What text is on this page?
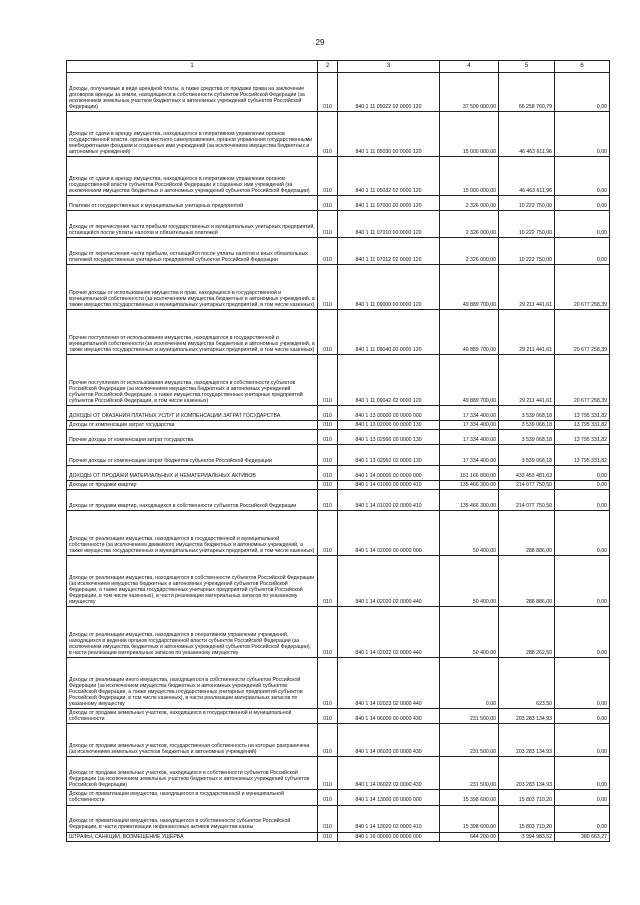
29
1	2	3	4	5	6
Доходы, получаемые в виде арендной платы, а также средства от продажи права на заключение договоров аренды за земли, находящиеся в собственности субъектов Российской Федерации (за исключением земельных участков бюджетных и автономных учреждений субъектов Российской Федерации)	010	840 1 11 05022 02 0000 120	37 500 000,00	66 258 760,79	0,00
Доходы от сдачи в аренду имущества, находящегося в оперативном управлении органов государственной власти, органов местного самоуправления, органов управления государственными внебюджетными фондами и созданных ими учреждений (за исключением имущества бюджетных и автономных учреждений)	010	840 1 11 05030 00 0000 120	15 000 000,00	46 463 611,96	0,00
Доходы от сдачи в аренду имущества, находящегося в оперативном управлении органов государственной власти субъектов Российской Федерации и созданных ими учреждений (за исключением имущества бюджетных и автономных учреждений субъектов Российской Федерации)	010	840 1 11 05032 02 0000 120	15 000 000,00	46 463 611,96	0,00
Платежи от государственных и муниципальных унитарных предприятий	010	840 1 11 07000 00 0000 120	2 326 000,00	10 222 750,00	0,00
Доходы от перечисления части прибыли государственных и муниципальных унитарных предприятий, остающейся после уплаты налогов и обязательных платежей	010	840 1 11 07010 00 0000 120	2 326 000,00	10 222 750,00	0,00
Доходы от перечисления части прибыли, остающейся после уплаты налогов и иных обязательных платежей государственных унитарных предприятий субъектов Российской Федерации	010	840 1 11 07012 02 0000 120	2 326 000,00	10 222 750,00	0,00
Прочие доходы от использования имущества и прав, находящихся в государственной и муниципальной собственности (за исключением имущества бюджетных и автономных учреждений, а также имущества государственных и муниципальных унитарных предприятий, в том числе казенных)	010	840 1 11 09000 00 0000 120	49 889 700,00	29 211 441,61	20 677 258,39
Прочие поступления от использования имущества, находящегося в государственной и муниципальной собственности (за исключением имущества бюджетных и автономных учреждений, а также имущества государственных и муниципальных унитарных предприятий, в том числе казенных)	010	840 1 11 09040 00 0000 120	49 889 700,00	29 211 441,61	20 677 258,39
Прочие поступления от использования имущества, находящегося в собственности субъектов Российской Федерации (за исключением имущества бюджетных и автономных учреждений субъектов Российской Федерации, а также имущества государственных унитарных предприятий субъектов Российской Федерации, в том числе казенных)	010	840 1 11 09042 02 0000 120	49 889 700,00	29 211 441,61	20 677 258,39
ДОХОДЫ ОТ ОКАЗАНИЯ ПЛАТНЫХ УСЛУГ И КОМПЕНСАЦИИ ЗАТРАТ ГОСУДАРСТВА	010	840 1 13 00000 00 0000 000	17 334 400,00	3 539 068,18	13 795 331,82
Доходы от компенсации затрат государства	010	840 1 13 02000 00 0000 130	17 334 400,00	3 539 068,18	13 795 331,82
Прочие доходы от компенсации затрат государства	010	840 1 13 02990 00 0000 130	17 334 400,00	3 539 068,18	13 795 331,82
Прочие доходы от компенсации затрат бюджетов субъектов Российской Федерации	010	840 1 13 02992 02 0000 130	17 334 400,00	3 539 068,18	13 795 331,82
ДОХОДЫ ОТ ПРОДАЖИ МАТЕРИАЛЬНЫХ И НЕМАТЕРИАЛЬНЫХ АКТИВОВ	010	840 1 14 00000 00 0000 000	151 166 800,00	433 453 481,63	0,00
Доходы от продажи квартир	010	840 1 14 01000 00 0000 410	135 466 300,00	214 077 750,50	0,00
Доходы от продажи квартир, находящихся в собственности субъектов Российской Федерации	010	840 1 14 01020 02 0000 410	135 466 300,00	214 077 750,50	0,00
Доходы от реализации имущества, находящегося в государственной и муниципальной собственности (за исключением движимого имущества бюджетных и автономных учреждений, а также имущества государственных и муниципальных унитарных предприятий, в том числе казенных)	010	840 1 14 02000 00 0000 000	50 400,00	288 886,00	0,00
Доходы от реализации имущества, находящегося в собственности субъектов Российской Федерации (за исключением имущества бюджетных и автономных учреждений субъектов Российской Федерации, а также имущества государственных унитарных предприятий субъектов Российской Федерации, в том числе казенных), в части реализации материальных запасов по указанному имуществу	010	840 1 14 02020 02 0000 440	50 400,00	288 886,00	0,00
Доходы от реализации имущества, находящегося в оперативном управлении учреждений, находящихся в ведении органов государственной власти субъектов Российской Федерации (за исключением имущества бюджетных и автономных учреждений субъектов Российской Федерации), в части реализации материальных запасов по указанному имуществу	010	840 1 14 02022 02 0000 440	50 400,00	288 262,50	0,00
Доходы от реализации иного имущества, находящегося в собственности субъектов Российской Федерации (за исключением имущества бюджетных и автономных учреждений субъектов Российской Федерации, а также имущества государственных унитарных предприятий субъектов Российской Федерации, в том числе казенных), в части реализации материальных запасов по указанному имуществу	010	840 1 14 02023 02 0000 440	0,00	623,50	0,00
Доходы от продажи земельных участков, находящихся в государственной и муниципальной собственности	010	840 1 14 06000 00 0000 430	231 500,00	203 283 134,93	0,00
Доходы от продажи земельных участков, государственная собственность на которые разграничена (за исключением земельных участков бюджетных и автономных учреждений)	010	840 1 14 06020 00 0000 430	231 500,00	203 283 134,93	0,00
Доходы от продажи земельных участков, находящихся в собственности субъектов Российской Федерации (за исключением земельных участков бюджетных и автономных учреждений субъектов Российской Федерации)	010	840 1 14 06022 02 0000 430	231 500,00	203 283 134,93	0,00
Доходы от приватизации имущества, находящегося в государственной и муниципальной собственности	010	840 1 14 13000 00 0000 000	15 398 600,00	15 803 710,20	0,00
Доходы от приватизации имущества, находящегося в собственности субъектов Российской Федерации, в части приватизации нефинансовых активов имущества казны	010	840 1 14 13020 02 0000 410	15 398 600,00	15 803 710,20	0,00
ШТРАФЫ, САНКЦИИ, ВОЗМЕЩЕНИЕ УЩЕРБА	010	840 1 16 00000 00 0000 000	644 200,00	3 994 983,52	380 663,27
